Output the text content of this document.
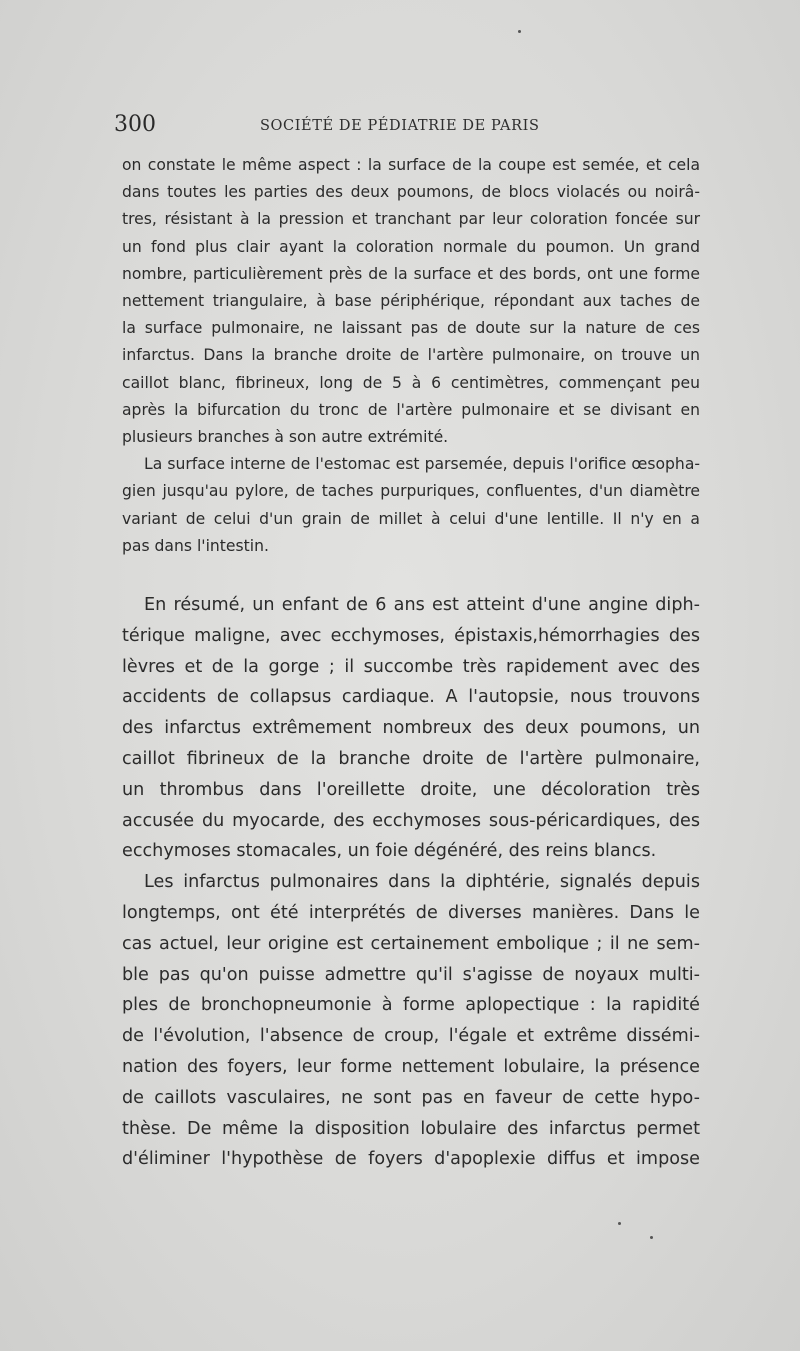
300	SOCIÉTÉ DE PÉDIATRIE DE PARIS

on constate le même aspect : la surface de la coupe est semée, et cela

dans toutes les parties des deux poumons, de blocs violacés ou noirâ-

tres, résistant à la pression et tranchant par leur coloration foncée sur

un fond plus clair ayant la coloration normale du poumon. Un grand

nombre, particulièrement près de la surface et des bords, ont une forme

nettement triangulaire, à base périphérique, répondant aux taches de

la surface pulmonaire, ne laissant pas de doute sur la nature de ces

infarctus. Dans la branche droite de l'artère pulmonaire, on trouve un

caillot blanc, fibrineux, long de 5 à 6 centimètres, commençant peu

après la bifurcation du tronc de l'artère pulmonaire et se divisant en

plusieurs branches à son autre extrémité.

La surface interne de l'estomac est parsemée, depuis l'orifice œsopha-

gien jusqu'au pylore, de taches purpuriques, confluentes, d'un diamètre

variant de celui d'un grain de millet à celui d'une lentille. Il n'y en a

pas dans l'intestin.

En résumé, un enfant de 6 ans est atteint d'une angine diph-

térique maligne, avec ecchymoses, épistaxis,hémorrhagies des

lèvres et de la gorge ; il succombe très rapidement avec des

accidents de collapsus cardiaque. A l'autopsie, nous trouvons

des infarctus extrêmement nombreux des deux poumons, un

caillot fibrineux de la branche droite de l'artère pulmonaire,

un thrombus dans l'oreillette droite, une décoloration très

accusée du myocarde, des ecchymoses sous-péricardiques, des

ecchymoses stomacales, un foie dégénéré, des reins blancs.

Les infarctus pulmonaires dans la diphtérie, signalés depuis

longtemps, ont été interprétés de diverses manières. Dans le

cas actuel, leur origine est certainement embolique ; il ne sem-

ble pas qu'on puisse admettre qu'il s'agisse de noyaux multi-

ples de bronchopneumonie à forme aplopectique : la rapidité

de l'évolution, l'absence de croup, l'égale et extrême dissémi-

nation des foyers, leur forme nettement lobulaire, la présence

de caillots vasculaires, ne sont pas en faveur de cette hypo-

thèse. De même la disposition lobulaire des infarctus permet

d'éliminer l'hypothèse de foyers d'apoplexie diffus et impose
